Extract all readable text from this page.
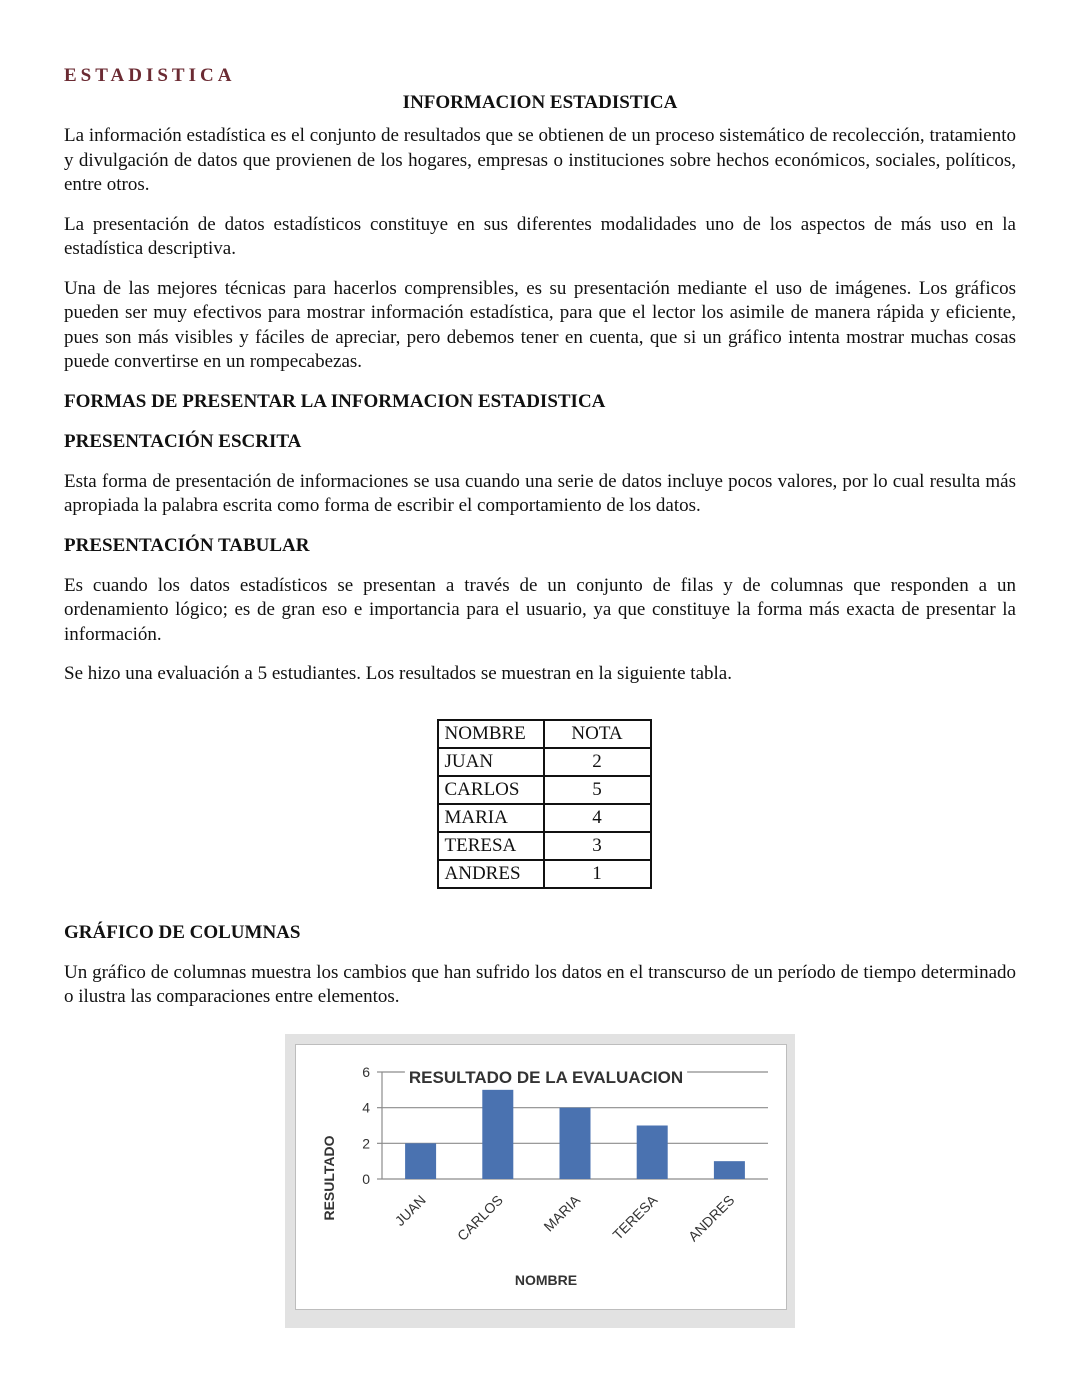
ESTADISTICA
INFORMACION ESTADISTICA

La información estadística es el conjunto de resultados que se obtienen de un proceso sistemático de recolección, tratamiento y divulgación de datos que provienen de los hogares, empresas o instituciones sobre hechos económicos, sociales, políticos, entre otros.

La presentación de datos estadísticos constituye en sus diferentes modalidades uno de los aspectos de más uso en la estadística descriptiva.

Una de las mejores técnicas para hacerlos comprensibles, es su presentación mediante el uso de imágenes. Los gráficos pueden ser muy efectivos para mostrar información estadística, para que el lector los asimile de manera rápida y eficiente, pues son más visibles y fáciles de apreciar, pero debemos tener en cuenta, que si un gráfico intenta mostrar muchas cosas puede convertirse en un rompecabezas.

FORMAS DE PRESENTAR LA INFORMACION ESTADISTICA
PRESENTACIÓN ESCRITA

Esta forma de presentación de informaciones se usa cuando una serie de datos incluye pocos valores, por lo cual resulta más apropiada la palabra escrita como forma de escribir el comportamiento de los datos.

PRESENTACIÓN TABULAR

Es cuando los datos estadísticos se presentan a través de un conjunto de filas y de columnas que responden a un ordenamiento lógico; es de gran eso e importancia para el usuario, ya que constituye la forma más exacta de presentar la información.

Se hizo una evaluación a 5 estudiantes. Los resultados se muestran en la siguiente tabla.

NOMBRE	NOTA
JUAN	2
CARLOS	5
MARIA	4
TERESA	3
ANDRES	1
GRÁFICO DE COLUMNAS

Un gráfico de columnas muestra los cambios que han sufrido los datos en el transcurso de un período de tiempo determinado o ilustra las comparaciones entre elementos.

0
2
4
6
JUAN CARLOS MARIA TERESA ANDRES
RESULTADO DE LA EVALUACION
NOMBRE
RESULTADO
